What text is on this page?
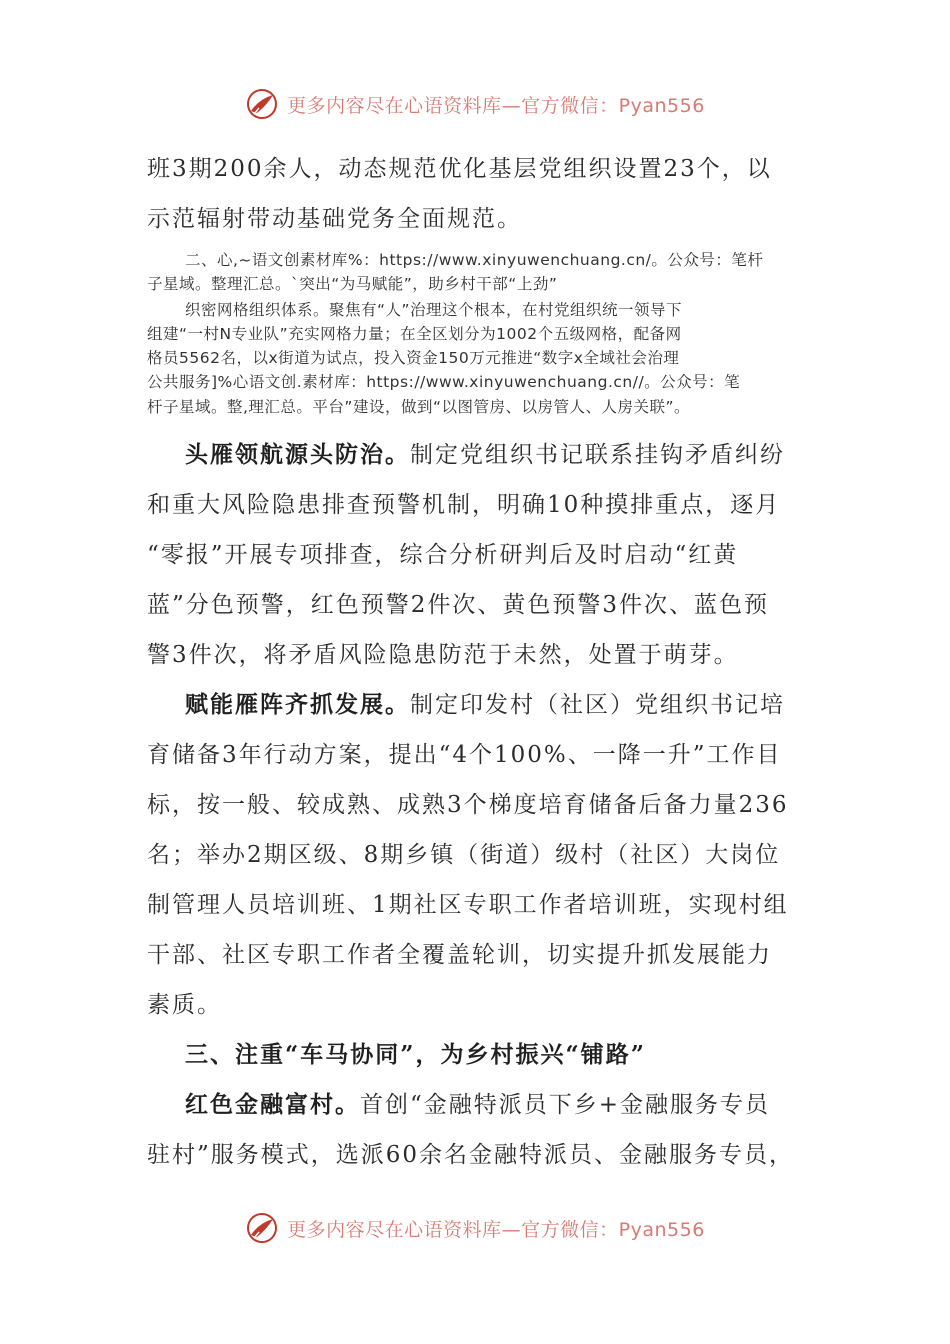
更多内容尽在心语资料库—官方微信：Pyan556
班3期200余人，动态规范优化基层党组织设置23个，以
示范辐射带动基础党务全面规范。
二、心,~语文创素材库%：https://www.xinyuwenchuang.cn/。公众号：笔杆
子星域。整理汇总。`突出“为马赋能”，助乡村干部“上劲”
织密网格组织体系。聚焦有“人”治理这个根本，在村党组织统一领导下
组建“一村N专业队”充实网格力量；在全区划分为1002个五级网格，配备网
格员5562名，以x街道为试点，投入资金150万元推进“数字x全域社会治理
公共服务]%心语文创.素材库：https://www.xinyuwenchuang.cn//。公众号：笔
杆子星域。整,理汇总。平台”建设，做到“以图管房、以房管人、人房关联”。
头雁领航源头防治。制定党组织书记联系挂钩矛盾纠纷
和重大风险隐患排查预警机制，明确10种摸排重点，逐月
“零报”开展专项排查，综合分析研判后及时启动“红黄
蓝”分色预警，红色预警2件次、黄色预警3件次、蓝色预
警3件次，将矛盾风险隐患防范于未然，处置于萌芽。
赋能雁阵齐抓发展。制定印发村（社区）党组织书记培
育储备3年行动方案，提出“4个100%、一降一升”工作目
标，按一般、较成熟、成熟3个梯度培育储备后备力量236
名；举办2期区级、8期乡镇（街道）级村（社区）大岗位
制管理人员培训班、1期社区专职工作者培训班，实现村组
干部、社区专职工作者全覆盖轮训，切实提升抓发展能力
素质。
三、注重“车马协同”，为乡村振兴“铺路”
红色金融富村。首创“金融特派员下乡+金融服务专员
驻村”服务模式，选派60余名金融特派员、金融服务专员，
更多内容尽在心语资料库—官方微信：Pyan556
